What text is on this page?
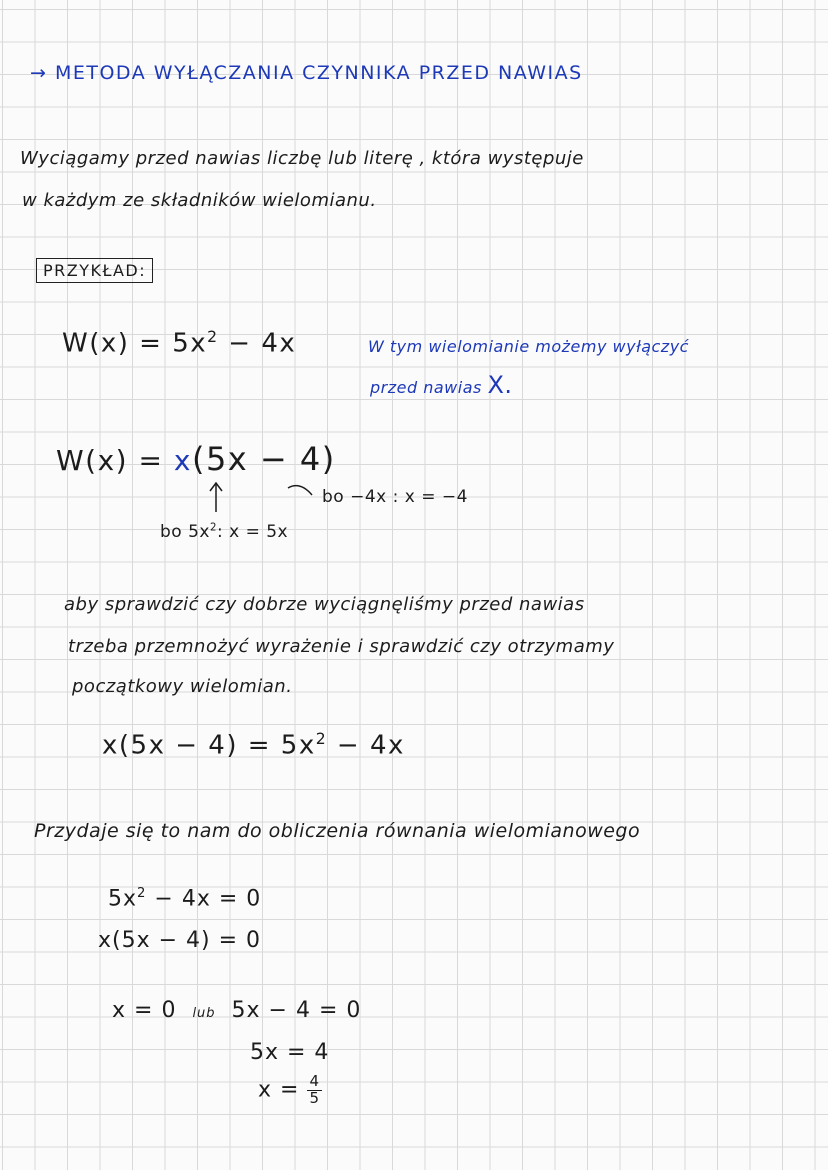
→ METODA WYŁĄCZANIA CZYNNIKA PRZED NAWIAS
Wyciągamy przed nawias liczbę lub literę , która występuje
w każdym ze składników wielomianu.
PRZYKŁAD:
$W(x) = 5x^2 - 4x$	W tym wielomianie możemy wyłączyć
przed nawias X.
W(x) = x(5x − 4)
bo −4x : x = −4
bo $5x^2$: x = 5x
aby sprawdzić czy dobrze wyciągnęliśmy przed nawias
trzeba przemnożyć wyrażenie i sprawdzić czy otrzymamy
początkowy wielomian.
$x(5x - 4) = 5x^2 - 4x$
Przydaje się to nam do obliczenia równania wielomianowego
$5x^2 - 4x = 0$
x(5x − 4) = 0
x = 0 lub 5x − 4 = 0
5x = 4
$x = \frac{4}{5}$
